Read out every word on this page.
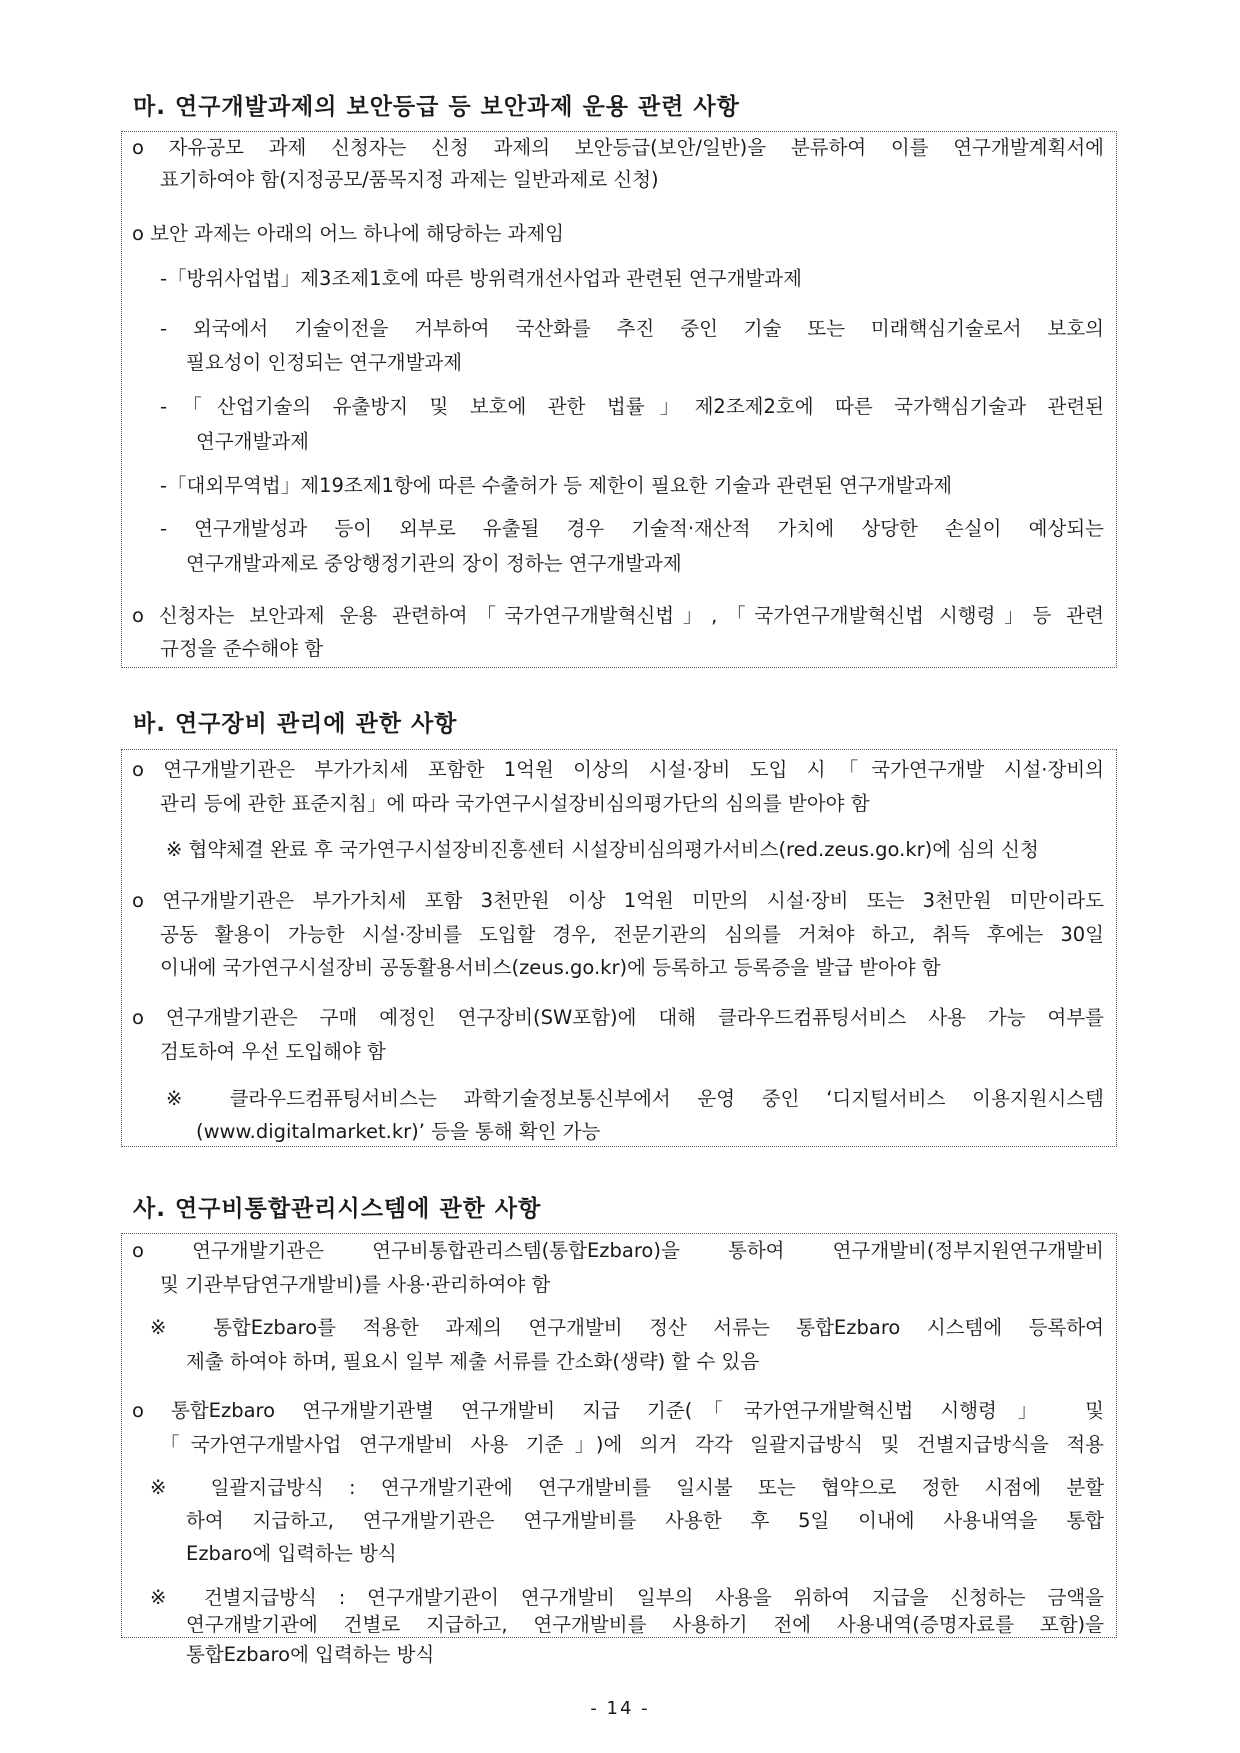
마. 연구개발과제의 보안등급 등 보안과제 운용 관련 사항
o 자유공모 과제 신청자는 신청 과제의 보안등급(보안/일반)을 분류하여 이를 연구개발계획서에
표기하여야 함(지정공모/품목지정 과제는 일반과제로 신청)
o 보안 과제는 아래의 어느 하나에 해당하는 과제임
-「방위사업법」제3조제1호에 따른 방위력개선사업과 관련된 연구개발과제
- 외국에서 기술이전을 거부하여 국산화를 추진 중인 기술 또는 미래핵심기술로서 보호의
필요성이 인정되는 연구개발과제
-「산업기술의 유출방지 및 보호에 관한 법률」제2조제2호에 따른 국가핵심기술과 관련된
연구개발과제
-「대외무역법」제19조제1항에 따른 수출허가 등 제한이 필요한 기술과 관련된 연구개발과제
- 연구개발성과 등이 외부로 유출될 경우 기술적‧재산적 가치에 상당한 손실이 예상되는
연구개발과제로 중앙행정기관의 장이 정하는 연구개발과제
o 신청자는 보안과제 운용 관련하여「국가연구개발혁신법」,「국가연구개발혁신법 시행령」등 관련
규정을 준수해야 함
바. 연구장비 관리에 관한 사항
o 연구개발기관은 부가가치세 포함한 1억원 이상의 시설·장비 도입 시「국가연구개발 시설·장비의
관리 등에 관한 표준지침」에 따라 국가연구시설장비심의평가단의 심의를 받아야 함
※ 협약체결 완료 후 국가연구시설장비진흥센터 시설장비심의평가서비스(red.zeus.go.kr)에 심의 신청
o 연구개발기관은 부가가치세 포함 3천만원 이상 1억원 미만의 시설·장비 또는 3천만원 미만이라도
공동 활용이 가능한 시설·장비를 도입할 경우, 전문기관의 심의를 거쳐야 하고, 취득 후에는 30일
이내에 국가연구시설장비 공동활용서비스(zeus.go.kr)에 등록하고 등록증을 발급 받아야 함
o 연구개발기관은 구매 예정인 연구장비(SW포함)에 대해 클라우드컴퓨팅서비스 사용 가능 여부를
검토하여 우선 도입해야 함
※ 클라우드컴퓨팅서비스는 과학기술정보통신부에서 운영 중인 ‘디지털서비스 이용지원시스템
(www.digitalmarket.kr)’ 등을 통해 확인 가능
사. 연구비통합관리시스템에 관한 사항
o 연구개발기관은 연구비통합관리스템(통합Ezbaro)을 통하여 연구개발비(정부지원연구개발비
및 기관부담연구개발비)를 사용·관리하여야 함
※ 통합Ezbaro를 적용한 과제의 연구개발비 정산 서류는 통합Ezbaro 시스템에 등록하여
제출 하여야 하며, 필요시 일부 제출 서류를 간소화(생략) 할 수 있음
o 통합Ezbaro 연구개발기관별 연구개발비 지급 기준(「국가연구개발혁신법 시행령」 및
「국가연구개발사업 연구개발비 사용 기준」)에 의거 각각 일괄지급방식 및 건별지급방식을 적용
※ 일괄지급방식 : 연구개발기관에 연구개발비를 일시불 또는 협약으로 정한 시점에 분할
하여 지급하고, 연구개발기관은 연구개발비를 사용한 후 5일 이내에 사용내역을 통합
Ezbaro에 입력하는 방식
※ 건별지급방식 : 연구개발기관이 연구개발비 일부의 사용을 위하여 지급을 신청하는 금액을
연구개발기관에 건별로 지급하고, 연구개발비를 사용하기 전에 사용내역(증명자료를 포함)을
통합Ezbaro에 입력하는 방식
- 14 -
